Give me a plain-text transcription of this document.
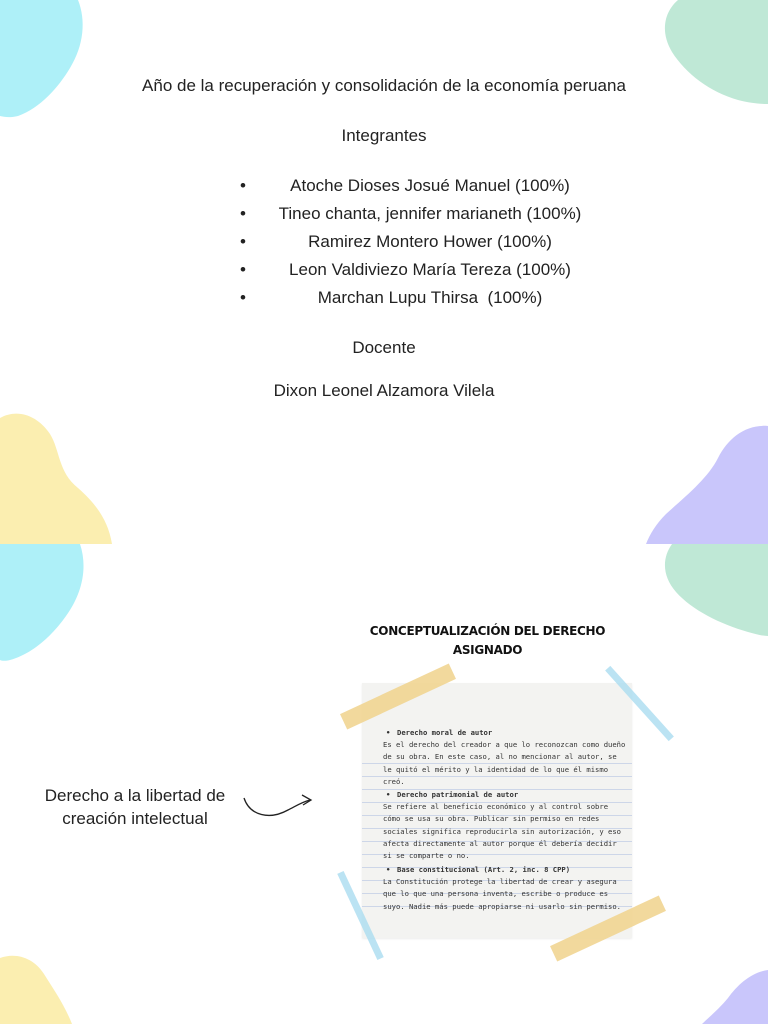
Año de la recuperación y consolidación de la economía peruana
Integrantes
•	Atoche Dioses Josué Manuel (100%)
• Tineo chanta, jennifer marianeth (100%)
•	Ramirez Montero Hower (100%)
•	Leon Valdiviezo María Tereza (100%)
•	Marchan Lupu Thirsa  (100%)
Docente
Dixon Leonel Alzamora Vilela
CONCEPTUALIZACIÓN DEL DERECHO
ASIGNADO
Derecho a la libertad de
creación intelectual
• Derecho moral de autor
Es el derecho del creador a que lo reconozcan como dueño de su obra. En este caso, al no mencionar al autor, se le quitó el mérito y la identidad de lo que él mismo creó.
• Derecho patrimonial de autor
Se refiere al beneficio económico y al control sobre cómo se usa su obra. Publicar sin permiso en redes sociales significa reproducirla sin autorización, y eso afecta directamente al autor porque él debería decidir si se comparte o no.
• Base constitucional (Art. 2, inc. 8 CPP)
La Constitución protege la libertad de crear y asegura que lo que una persona inventa, escribe o produce es suyo. Nadie más puede apropiarse ni usarlo sin permiso.
